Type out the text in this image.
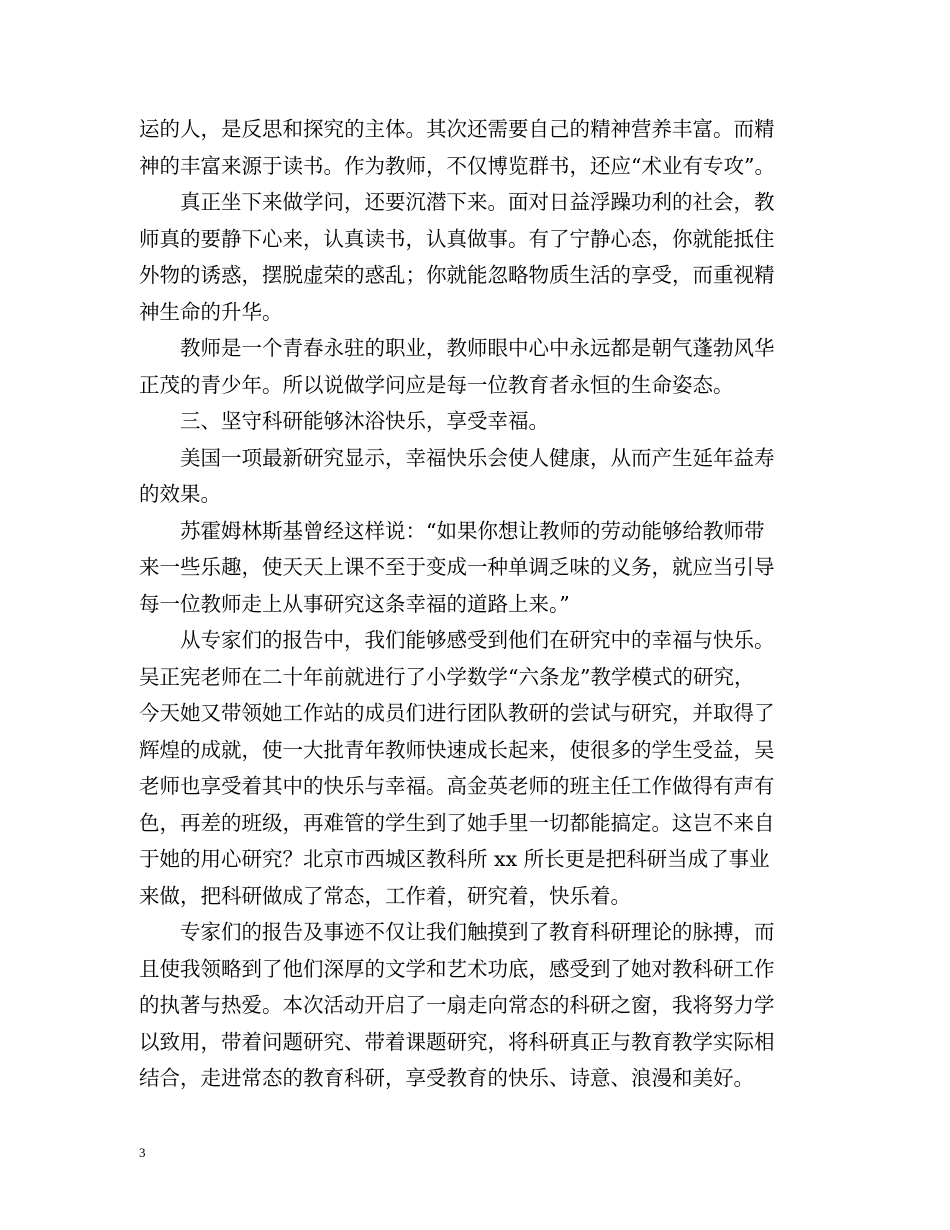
运的人，是反思和探究的主体。其次还需要自己的精神营养丰富。而精
神的丰富来源于读书。作为教师，不仅博览群书，还应“术业有专攻”。
真正坐下来做学问，还要沉潜下来。面对日益浮躁功利的社会，教
师真的要静下心来，认真读书，认真做事。有了宁静心态，你就能抵住
外物的诱惑，摆脱虚荣的惑乱；你就能忽略物质生活的享受，而重视精
神生命的升华。
教师是一个青春永驻的职业，教师眼中心中永远都是朝气蓬勃风华
正茂的青少年。所以说做学问应是每一位教育者永恒的生命姿态。
三、坚守科研能够沐浴快乐，享受幸福。
美国一项最新研究显示，幸福快乐会使人健康，从而产生延年益寿
的效果。
苏霍姆林斯基曾经这样说：“如果你想让教师的劳动能够给教师带
来一些乐趣，使天天上课不至于变成一种单调乏味的义务，就应当引导
每一位教师走上从事研究这条幸福的道路上来。”
从专家们的报告中，我们能够感受到他们在研究中的幸福与快乐。
吴正宪老师在二十年前就进行了小学数学“六条龙”教学模式的研究，
今天她又带领她工作站的成员们进行团队教研的尝试与研究，并取得了
辉煌的成就，使一大批青年教师快速成长起来，使很多的学生受益，吴
老师也享受着其中的快乐与幸福。高金英老师的班主任工作做得有声有
色，再差的班级，再难管的学生到了她手里一切都能搞定。这岂不来自
于她的用心研究？北京市西城区教科所 xx 所长更是把科研当成了事业
来做，把科研做成了常态，工作着，研究着，快乐着。
专家们的报告及事迹不仅让我们触摸到了教育科研理论的脉搏，而
且使我领略到了他们深厚的文学和艺术功底，感受到了她对教科研工作
的执著与热爱。本次活动开启了一扇走向常态的科研之窗，我将努力学
以致用，带着问题研究、带着课题研究，将科研真正与教育教学实际相
结合，走进常态的教育科研，享受教育的快乐、诗意、浪漫和美好。
3
